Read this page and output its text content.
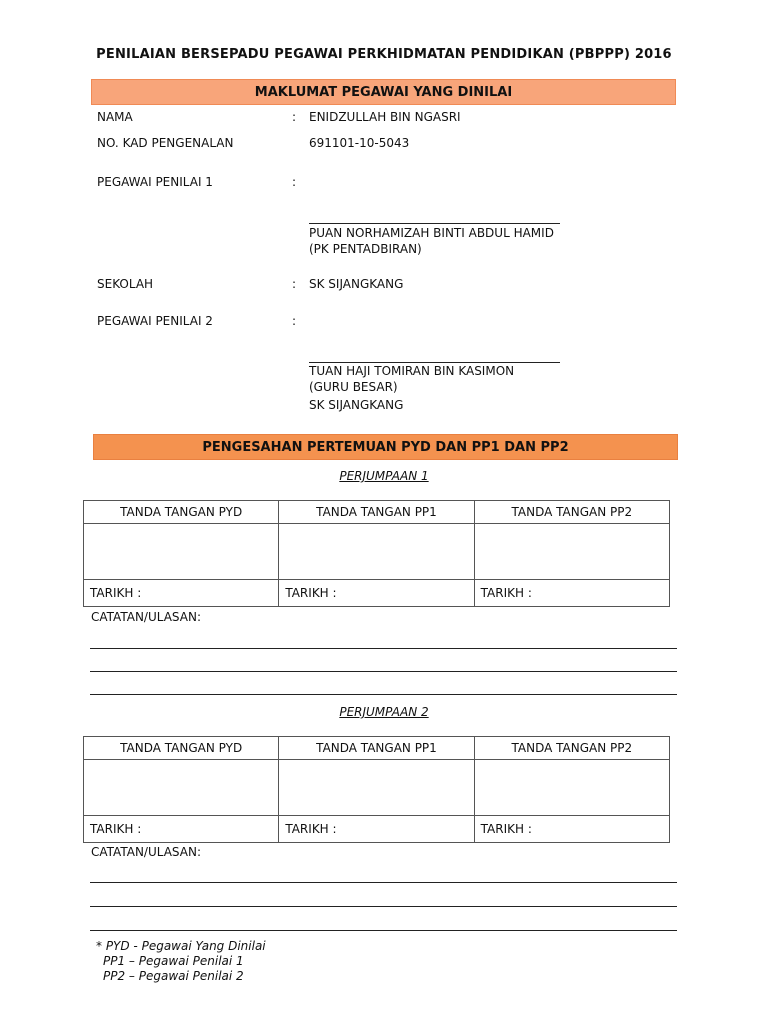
PENILAIAN BERSEPADU PEGAWAI PERKHIDMATAN PENDIDIKAN (PBPPP) 2016
MAKLUMAT PEGAWAI YANG DINILAI
NAMA	: ENIDZULLAH BIN NGASRI
NO. KAD PENGENALAN	691101-10-5043
PEGAWAI PENILAI 1	:
PUAN NORHAMIZAH BINTI ABDUL HAMID
(PK PENTADBIRAN)
SEKOLAH	: SK SIJANGKANG
PEGAWAI PENILAI 2	:
TUAN HAJI TOMIRAN BIN KASIMON
(GURU BESAR)
SK SIJANGKANG
PENGESAHAN PERTEMUAN PYD DAN PP1 DAN PP2
PERJUMPAAN 1
TANDA TANGAN PYD	TANDA TANGAN PP1	TANDA TANGAN PP2

TARIKH :	TARIKH :	TARIKH :
CATATAN/ULASAN:
PERJUMPAAN 2
TANDA TANGAN PYD	TANDA TANGAN PP1	TANDA TANGAN PP2

TARIKH :	TARIKH :	TARIKH :
CATATAN/ULASAN:
* PYD - Pegawai Yang Dinilai
PP1 – Pegawai Penilai 1
PP2 – Pegawai Penilai 2
